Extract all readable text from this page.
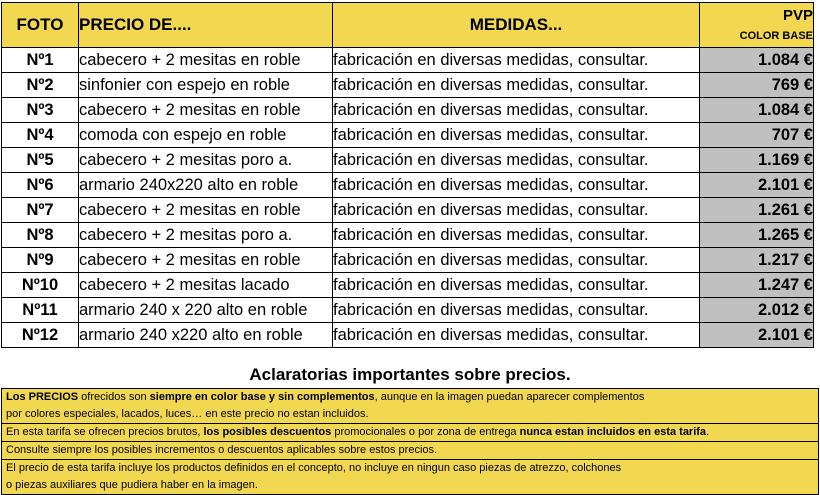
FOTO	PRECIO DE....	MEDIDAS...	PVP
COLOR BASE

Nº1	cabecero + 2 mesitas en roble	fabricación en diversas medidas, consultar.	1.084 €
Nº2	sinfonier con espejo en roble	fabricación en diversas medidas, consultar.	769 €
Nº3	cabecero + 2 mesitas en roble	fabricación en diversas medidas, consultar.	1.084 €
Nº4	comoda con espejo en roble	fabricación en diversas medidas, consultar.	707 €
Nº5	cabecero + 2 mesitas poro a.	fabricación en diversas medidas, consultar.	1.169 €
Nº6	armario 240x220 alto en roble	fabricación en diversas medidas, consultar.	2.101 €
Nº7	cabecero + 2 mesitas en roble	fabricación en diversas medidas, consultar.	1.261 €
Nº8	cabecero + 2 mesitas poro a.	fabricación en diversas medidas, consultar.	1.265 €
Nº9	cabecero + 2 mesitas en roble	fabricación en diversas medidas, consultar.	1.217 €
Nº10	cabecero + 2 mesitas lacado	fabricación en diversas medidas, consultar.	1.247 €
Nº11	armario 240 x 220 alto en roble	fabricación en diversas medidas, consultar.	2.012 €
Nº12	armario 240 x220 alto en roble	fabricación en diversas medidas, consultar.	2.101 €
Aclaratorias importantes sobre precios.
Los PRECIOS ofrecidos son siempre en color base y sin complementos, aunque en la imagen puedan aparecer complementos
por colores especiales, lacados, luces… en este precio no estan incluidos.
En esta tarifa se ofrecen precios brutos, los posibles descuentos promocionales o por zona de entrega nunca estan incluidos en esta tarifa.
Consulte siempre los posibles incrementos o descuentos aplicables sobre estos precios.
El precio de esta tarifa incluye los productos definidos en el concepto, no incluye en ningun caso piezas de atrezzo, colchones
o piezas auxiliares que pudiera haber en la imagen.
